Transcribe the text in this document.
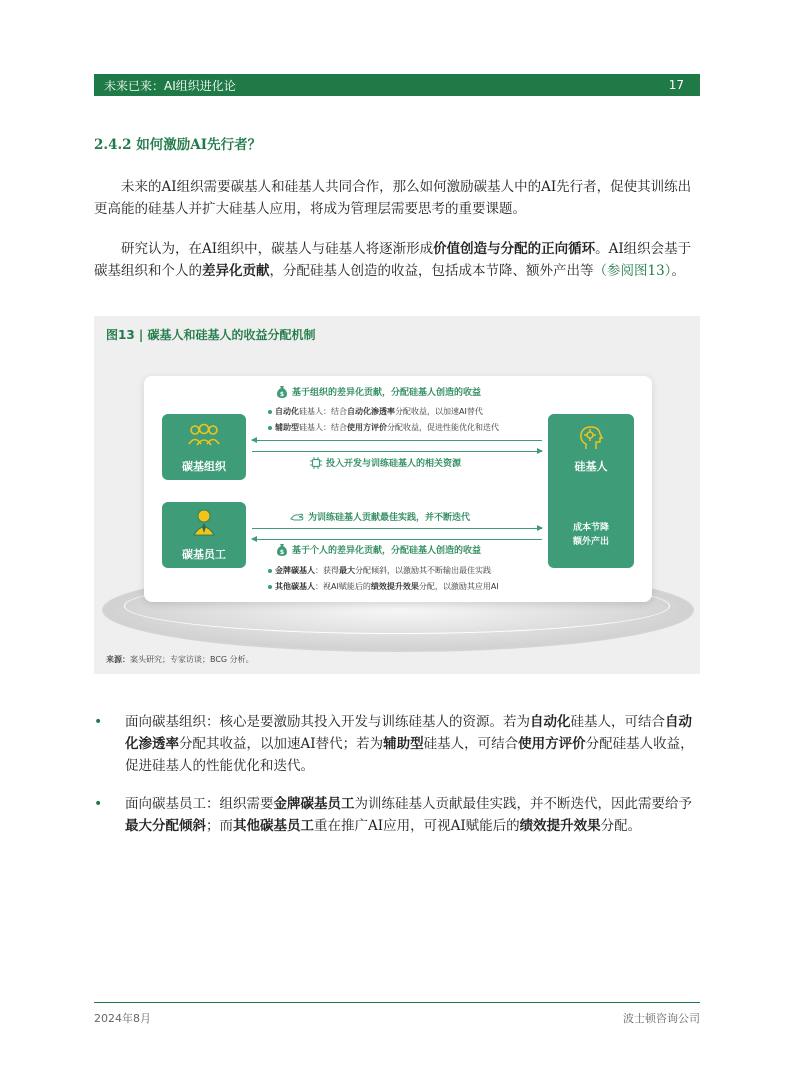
未来已来：AI组织进化论	17
2.4.2 如何激励AI先行者？

未来的AI组织需要碳基人和硅基人共同合作，那么如何激励碳基人中的AI先行者，促使其训练出更高能的硅基人并扩大硅基人应用，将成为管理层需要思考的重要课题。

研究认为，在AI组织中，碳基人与硅基人将逐渐形成价值创造与分配的正向循环。AI组织会基于碳基组织和个人的差异化贡献，分配硅基人创造的收益，包括成本节降、额外产出等（参阅图13）。

图13 | 碳基人和硅基人的收益分配机制
碳基组织
碳基员工
硅基人
成本节降
额外产出
$ 基于组织的差异化贡献，分配硅基人创造的收益
自动化硅基人：结合自动化渗透率分配收益，以加速AI替代
辅助型硅基人：结合使用方评价分配收益，促进性能优化和迭代
投入开发与训练硅基人的相关资源
为训练硅基人贡献最佳实践，并不断迭代
$ 基于个人的差异化贡献，分配硅基人创造的收益
金牌碳基人：获得最大分配倾斜，以激励其不断输出最佳实践
其他碳基人：视AI赋能后的绩效提升效果分配，以激励其应用AI
来源：案头研究；专家访谈；BCG 分析。

• 面向碳基组织：核心是要激励其投入开发与训练硅基人的资源。若为自动化硅基人，可结合自动化渗透率分配其收益，以加速AI替代；若为辅助型硅基人，可结合使用方评价分配硅基人收益，促进硅基人的性能优化和迭代。

• 面向碳基员工：组织需要金牌碳基员工为训练硅基人贡献最佳实践，并不断迭代，因此需要给予最大分配倾斜；而其他碳基员工重在推广AI应用，可视AI赋能后的绩效提升效果分配。

2024年8月	波士顿咨询公司
